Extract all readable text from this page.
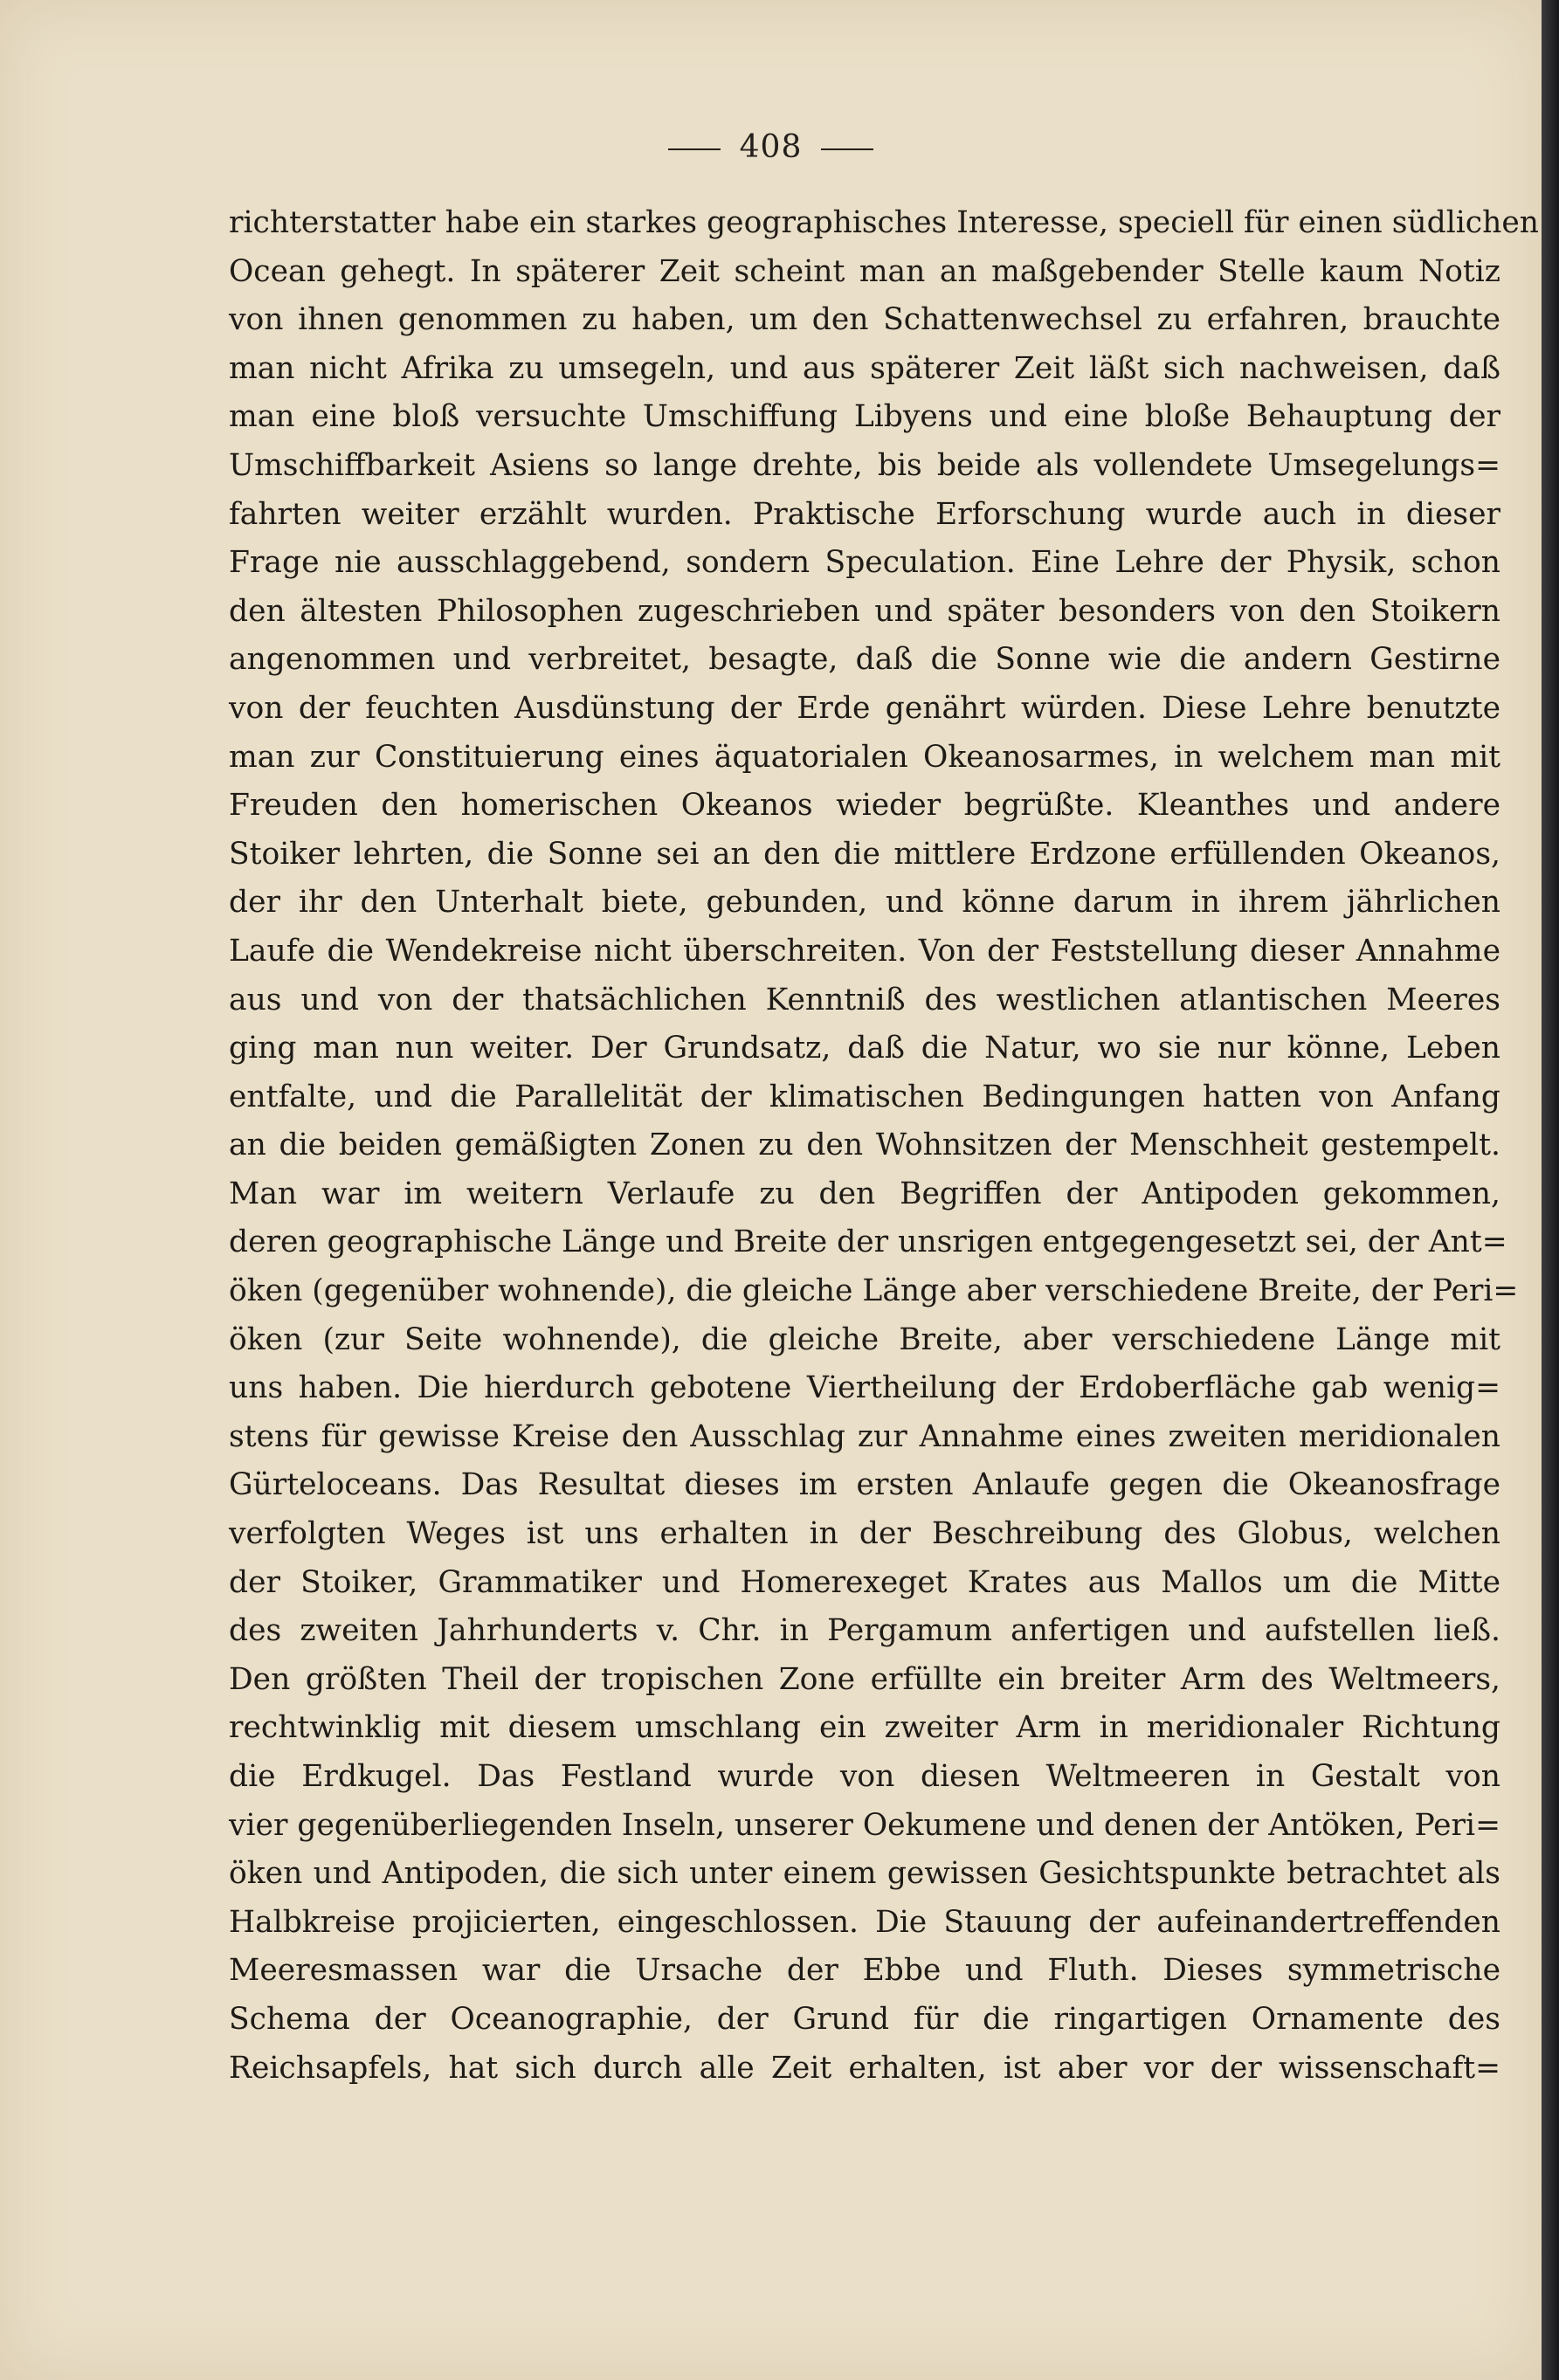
408
richterstatter habe ein starkes geographisches Interesse, speciell für einen südlichen
Ocean gehegt. In späterer Zeit scheint man an maßgebender Stelle kaum Notiz
von ihnen genommen zu haben, um den Schattenwechsel zu erfahren, brauchte
man nicht Afrika zu umsegeln, und aus späterer Zeit läßt sich nachweisen, daß
man eine bloß versuchte Umschiffung Libyens und eine bloße Behauptung der
Umschiffbarkeit Asiens so lange drehte, bis beide als vollendete Umsegelungs=
fahrten weiter erzählt wurden. Praktische Erforschung wurde auch in dieser
Frage nie ausschlaggebend, sondern Speculation. Eine Lehre der Physik, schon
den ältesten Philosophen zugeschrieben und später besonders von den Stoikern
angenommen und verbreitet, besagte, daß die Sonne wie die andern Gestirne
von der feuchten Ausdünstung der Erde genährt würden. Diese Lehre benutzte
man zur Constituierung eines äquatorialen Okeanosarmes, in welchem man mit
Freuden den homerischen Okeanos wieder begrüßte. Kleanthes und andere
Stoiker lehrten, die Sonne sei an den die mittlere Erdzone erfüllenden Okeanos,
der ihr den Unterhalt biete, gebunden, und könne darum in ihrem jährlichen
Laufe die Wendekreise nicht überschreiten. Von der Feststellung dieser Annahme
aus und von der thatsächlichen Kenntniß des westlichen atlantischen Meeres
ging man nun weiter. Der Grundsatz, daß die Natur, wo sie nur könne, Leben
entfalte, und die Parallelität der klimatischen Bedingungen hatten von Anfang
an die beiden gemäßigten Zonen zu den Wohnsitzen der Menschheit gestempelt.
Man war im weitern Verlaufe zu den Begriffen der Antipoden gekommen,
deren geographische Länge und Breite der unsrigen entgegengesetzt sei, der Ant=
öken (gegenüber wohnende), die gleiche Länge aber verschiedene Breite, der Peri=
öken (zur Seite wohnende), die gleiche Breite, aber verschiedene Länge mit
uns haben. Die hierdurch gebotene Viertheilung der Erdoberfläche gab wenig=
stens für gewisse Kreise den Ausschlag zur Annahme eines zweiten meridionalen
Gürteloceans. Das Resultat dieses im ersten Anlaufe gegen die Okeanosfrage
verfolgten Weges ist uns erhalten in der Beschreibung des Globus, welchen
der Stoiker, Grammatiker und Homerexeget Krates aus Mallos um die Mitte
des zweiten Jahrhunderts v. Chr. in Pergamum anfertigen und aufstellen ließ.
Den größten Theil der tropischen Zone erfüllte ein breiter Arm des Weltmeers,
rechtwinklig mit diesem umschlang ein zweiter Arm in meridionaler Richtung
die Erdkugel. Das Festland wurde von diesen Weltmeeren in Gestalt von
vier gegenüberliegenden Inseln, unserer Oekumene und denen der Antöken, Peri=
öken und Antipoden, die sich unter einem gewissen Gesichtspunkte betrachtet als
Halbkreise projicierten, eingeschlossen. Die Stauung der aufeinandertreffenden
Meeresmassen war die Ursache der Ebbe und Fluth. Dieses symmetrische
Schema der Oceanographie, der Grund für die ringartigen Ornamente des
Reichsapfels, hat sich durch alle Zeit erhalten, ist aber vor der wissenschaft=
